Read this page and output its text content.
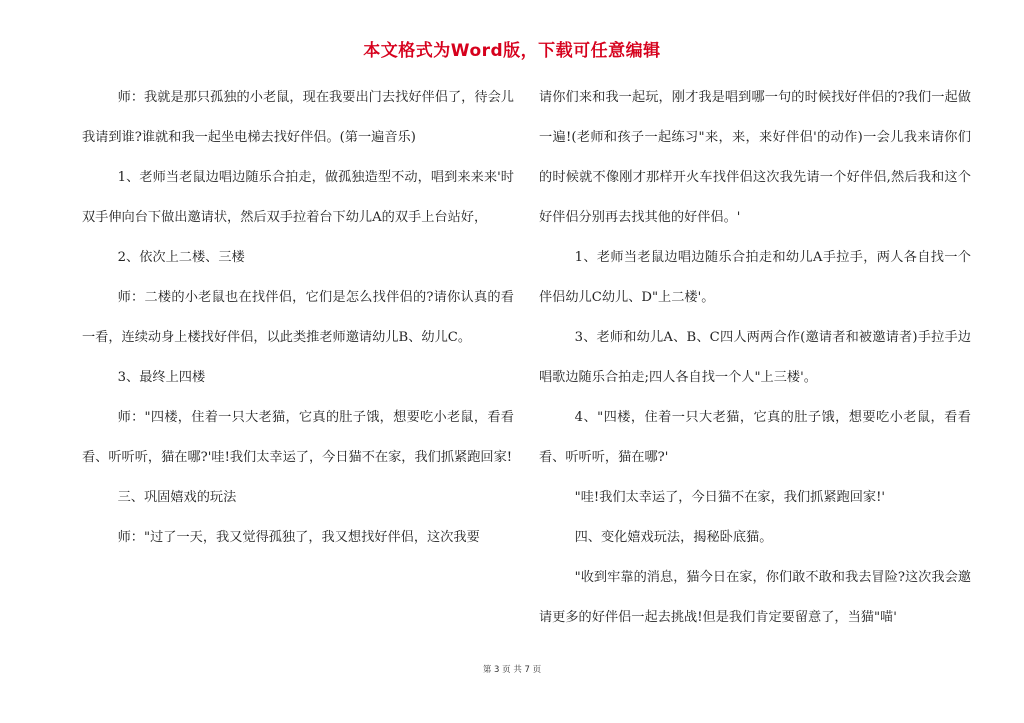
本文格式为Word版，下载可任意编辑

师：我就是那只孤独的小老鼠，现在我要出门去找好伴侣了，待会儿我请到谁?谁就和我一起坐电梯去找好伴侣。(第一遍音乐)

1、老师当老鼠边唱边随乐合拍走，做孤独造型不动，唱到来来来'时双手伸向台下做出邀请状，然后双手拉着台下幼儿A的双手上台站好，

2、依次上二楼、三楼

师：二楼的小老鼠也在找伴侣，它们是怎么找伴侣的?请你认真的看一看，连续动身上楼找好伴侣，以此类推老师邀请幼儿B、幼儿C。

3、最终上四楼

师："四楼，住着一只大老猫，它真的肚子饿，想要吃小老鼠，看看看、听听听，猫在哪?'哇!我们太幸运了，今日猫不在家，我们抓紧跑回家!

三、巩固嬉戏的玩法

师："过了一天，我又觉得孤独了，我又想找好伴侣，这次我要

请你们来和我一起玩，刚才我是唱到哪一句的时候找好伴侣的?我们一起做一遍!(老师和孩子一起练习"来，来，来好伴侣'的动作)一会儿我来请你们的时候就不像刚才那样开火车找伴侣这次我先请一个好伴侣,然后我和这个好伴侣分别再去找其他的好伴侣。'

1、老师当老鼠边唱边随乐合拍走和幼儿A手拉手，两人各自找一个伴侣幼儿C幼儿、D"上二楼'。

3、老师和幼儿A、B、C四人两两合作(邀请者和被邀请者)手拉手边唱歌边随乐合拍走;四人各自找一个人"上三楼'。

4、"四楼，住着一只大老猫，它真的肚子饿，想要吃小老鼠，看看看、听听听，猫在哪?'

"哇!我们太幸运了，今日猫不在家，我们抓紧跑回家!'

四、变化嬉戏玩法，揭秘卧底猫。

"收到牢靠的消息，猫今日在家，你们敢不敢和我去冒险?这次我会邀请更多的好伴侣一起去挑战!但是我们肯定要留意了，当猫"喵'

第 3 页 共 7 页
